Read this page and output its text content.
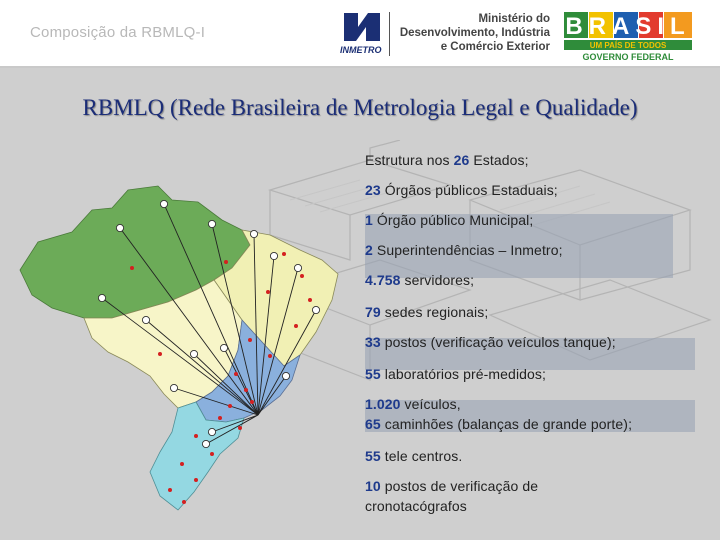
Composição da RBMLQ-I
INMETRO
Ministério do
Desenvolvimento, Indústria
e Comércio Exterior
BRASIL
UM PAÍS DE TODOS
GOVERNO FEDERAL
Estrutura nos 26 Estados;
23 Órgãos públicos Estaduais;
1 Órgão público Municipal;
2 Superintendências – Inmetro;
4.758 servidores;
79 sedes regionais;
33 postos (verificação veículos tanque);
55 laboratórios pré-medidos;
1.020 veículos,
65 caminhões (balanças de grande porte);
55 tele centros.
10 postos de verificação de
cronotacógrafos
RBMLQ (Rede Brasileira de Metrologia Legal e Qualidade)
